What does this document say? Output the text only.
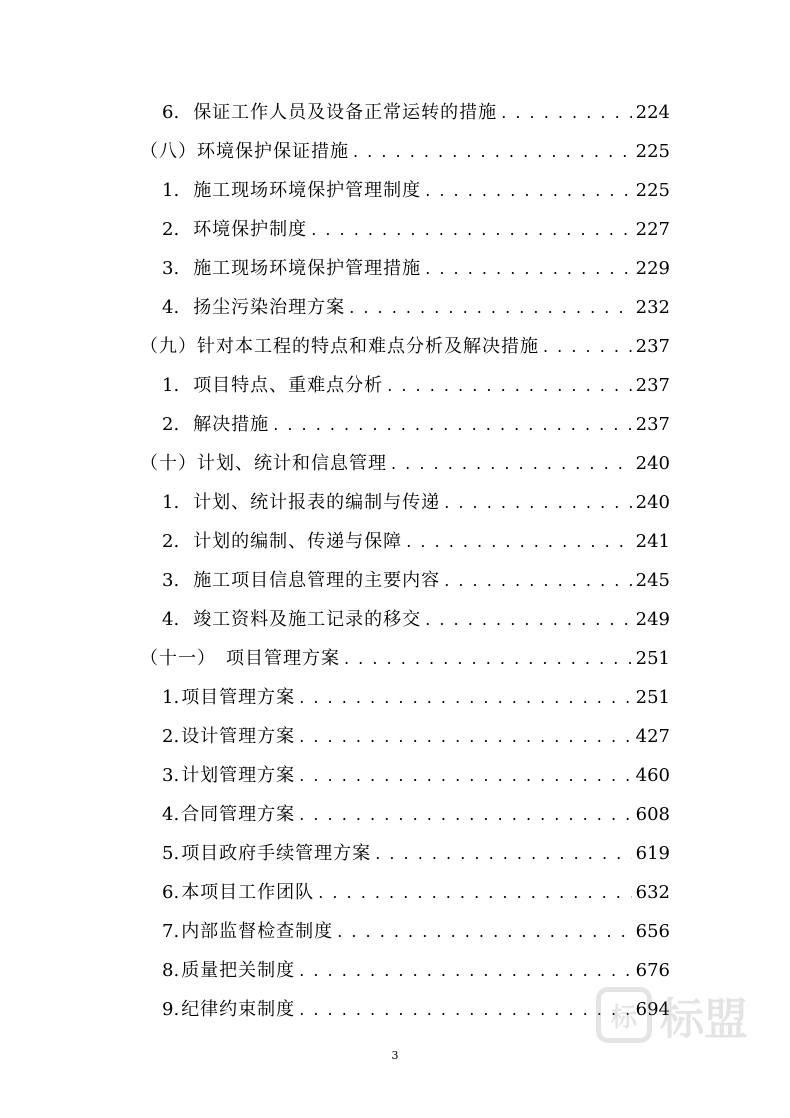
6. 保证工作人员及设备正常运转的措施 . . .	224
（八）环境保护保证措施 . . .	225
1. 施工现场环境保护管理制度 . . .	225
2. 环境保护制度 . . .	227
3. 施工现场环境保护管理措施 . . .	229
4. 扬尘污染治理方案 . . .	232
（九）针对本工程的特点和难点分析及解决措施 . . .	237
1. 项目特点、重难点分析 . . .	237
2. 解决措施 . . .	237
（十）计划、统计和信息管理 . . .	240
1. 计划、统计报表的编制与传递 . . .	240
2. 计划的编制、传递与保障 . . .	241
3. 施工项目信息管理的主要内容 . . .	245
4. 竣工资料及施工记录的移交 . . .	249
（十一）　项目管理方案 . . .	251
1. 项目管理方案 . . .	251
2. 设计管理方案 . . .	427
3. 计划管理方案 . . .	460
4. 合同管理方案 . . .	608
5. 项目政府手续管理方案 . . .	619
6. 本项目工作团队 . . .	632
7. 内部监督检查制度 . . .	656
8. 质量把关制度 . . .	676
9. 纪律约束制度 . . .	694
3
标 标盟
